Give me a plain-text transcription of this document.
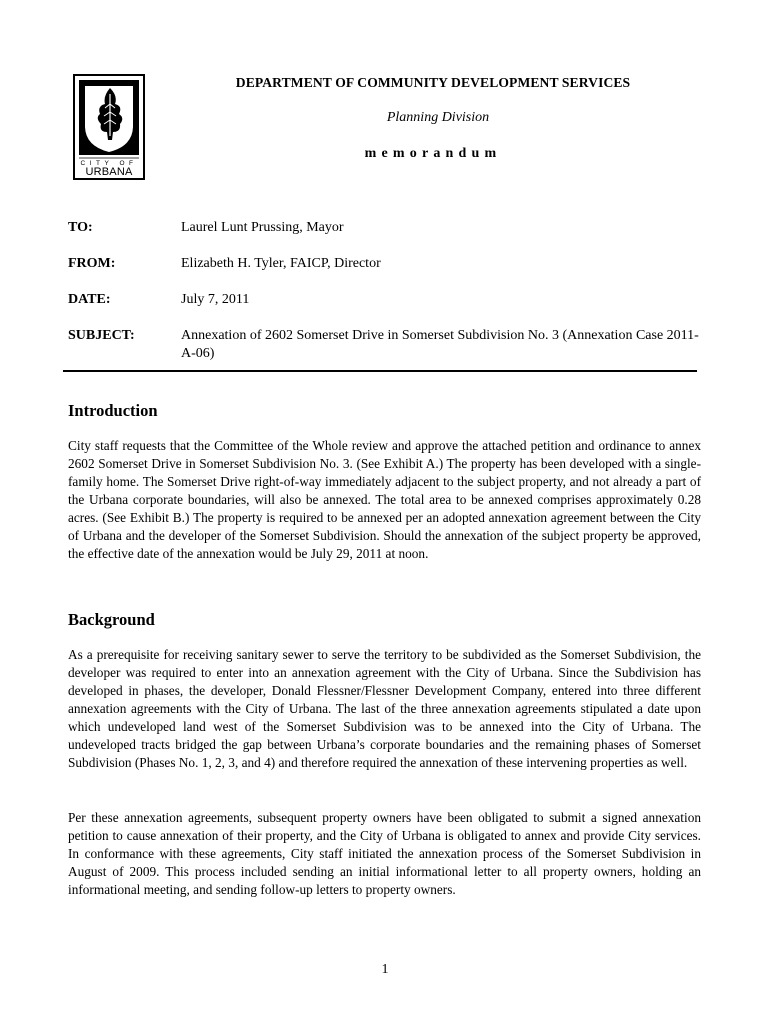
CITY OF
URBANA
DEPARTMENT OF COMMUNITY DEVELOPMENT SERVICES
Planning Division
memorandum
TO:	Laurel Lunt Prussing, Mayor
FROM:	Elizabeth H. Tyler, FAICP, Director
DATE:	July 7, 2011
SUBJECT:	Annexation of 2602 Somerset Drive in Somerset Subdivision No. 3 (Annexation Case 2011-A-06)
Introduction

City staff requests that the Committee of the Whole review and approve the attached petition and ordinance to annex 2602 Somerset Drive in Somerset Subdivision No. 3. (See Exhibit A.) The property has been developed with a single-family home. The Somerset Drive right-of-way immediately adjacent to the subject property, and not already a part of the Urbana corporate boundaries, will also be annexed. The total area to be annexed comprises approximately 0.28 acres. (See Exhibit B.) The property is required to be annexed per an adopted annexation agreement between the City of Urbana and the developer of the Somerset Subdivision. Should the annexation of the subject property be approved, the effective date of the annexation would be July 29, 2011 at noon.

Background

As a prerequisite for receiving sanitary sewer to serve the territory to be subdivided as the Somerset Subdivision, the developer was required to enter into an annexation agreement with the City of Urbana. Since the Subdivision has developed in phases, the developer, Donald Flessner/Flessner Development Company, entered into three different annexation agreements with the City of Urbana. The last of the three annexation agreements stipulated a date upon which undeveloped land west of the Somerset Subdivision was to be annexed into the City of Urbana. The undeveloped tracts bridged the gap between Urbana’s corporate boundaries and the remaining phases of Somerset Subdivision (Phases No. 1, 2, 3, and 4) and therefore required the annexation of these intervening properties as well.

Per these annexation agreements, subsequent property owners have been obligated to submit a signed annexation petition to cause annexation of their property, and the City of Urbana is obligated to annex and provide City services. In conformance with these agreements, City staff initiated the annexation process of the Somerset Subdivision in August of 2009. This process included sending an initial informational letter to all property owners, holding an informational meeting, and sending follow-up letters to property owners.

1
